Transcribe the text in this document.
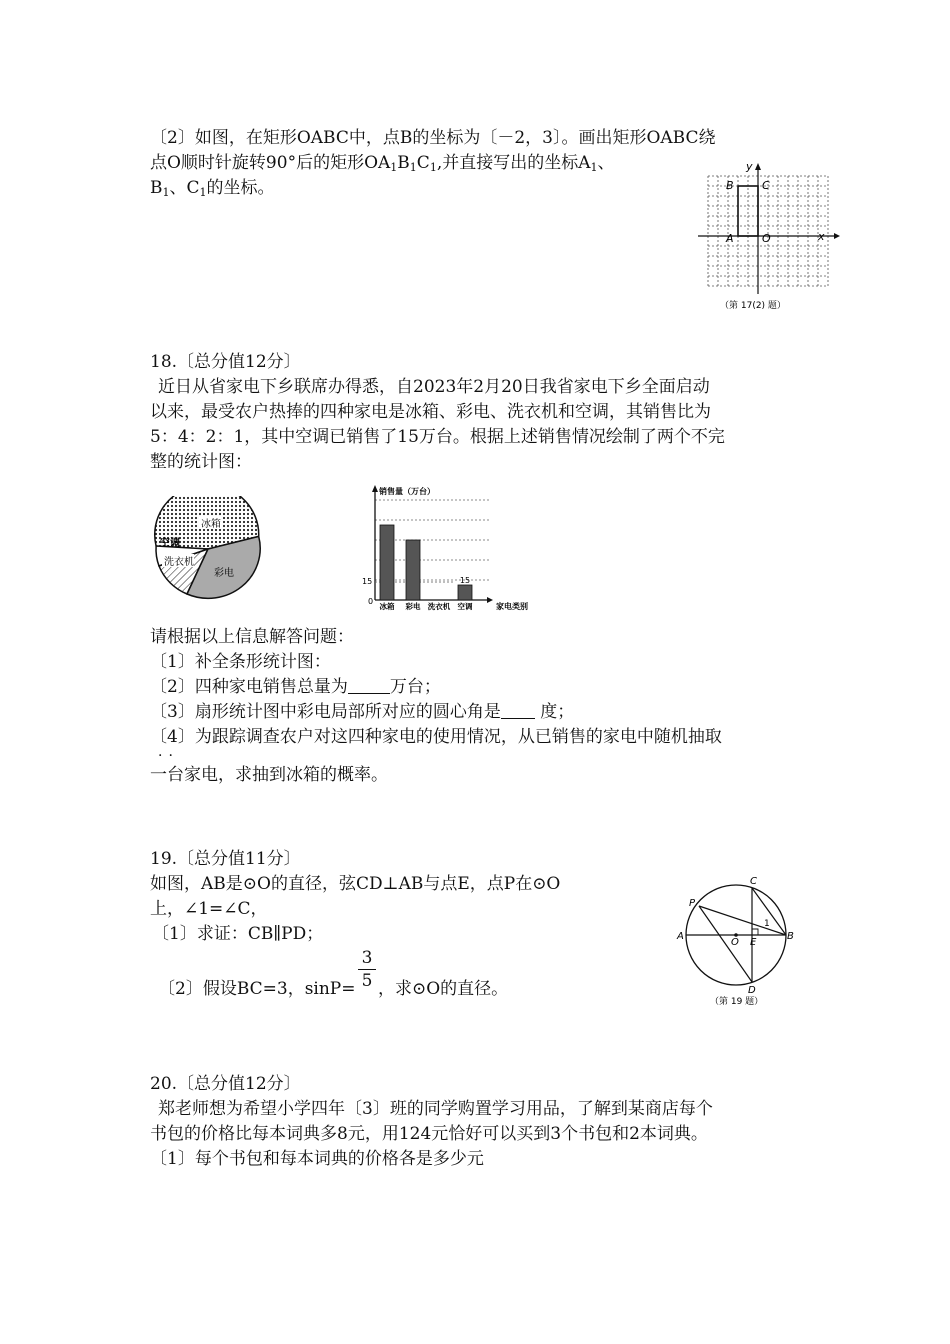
〔2〕如图，在矩形OABC中，点B的坐标为〔－2，3〕。画出矩形OABC绕
点O顺时针旋转90°后的矩形$OA_1B_1C_1$,并直接写出的坐标$A_1$、
$B_1$、$C_1$的坐标。
y
x
B	C
A	O
（第 17(2) 题）
18.〔总分值12分〕
近日从省家电下乡联席办得悉，自2023年2月20日我省家电下乡全面启动
以来，最受农户热捧的四种家电是冰箱、彩电、洗衣机和空调，其销售比为
5：4：2：1，其中空调已销售了15万台。根据上述销售情况绘制了两个不完
整的统计图：
冰箱
空调
洗衣机
彩电
销售量（万台）
0
15
冰箱 彩电 洗衣机 空调
15
家电类别
请根据以上信息解答问题：
〔1〕补全条形统计图：
〔2〕四种家电销售总量为 万台；
〔3〕扇形统计图中彩电局部所对应的圆心角是 度；
〔4〕为跟踪调查农户对这四种家电的使用情况，从已销售的家电中随机抽取
··
一台家电，求抽到冰箱的概率。
19.〔总分值11分〕
如图，AB是⊙O的直径，弦CD⊥AB与点E，点P在⊙O
上，∠1=∠C，
〔1〕求证：CB∥PD；
〔2〕假设BC=3，sinP=
3
5 ，求⊙O的直径。
C
P
A
O E
B
D
1
（第 19 题）
20.〔总分值12分〕
郑老师想为希望小学四年〔3〕班的同学购置学习用品，了解到某商店每个
书包的价格比每本词典多8元，用124元恰好可以买到3个书包和2本词典。
〔1〕每个书包和每本词典的价格各是多少元
